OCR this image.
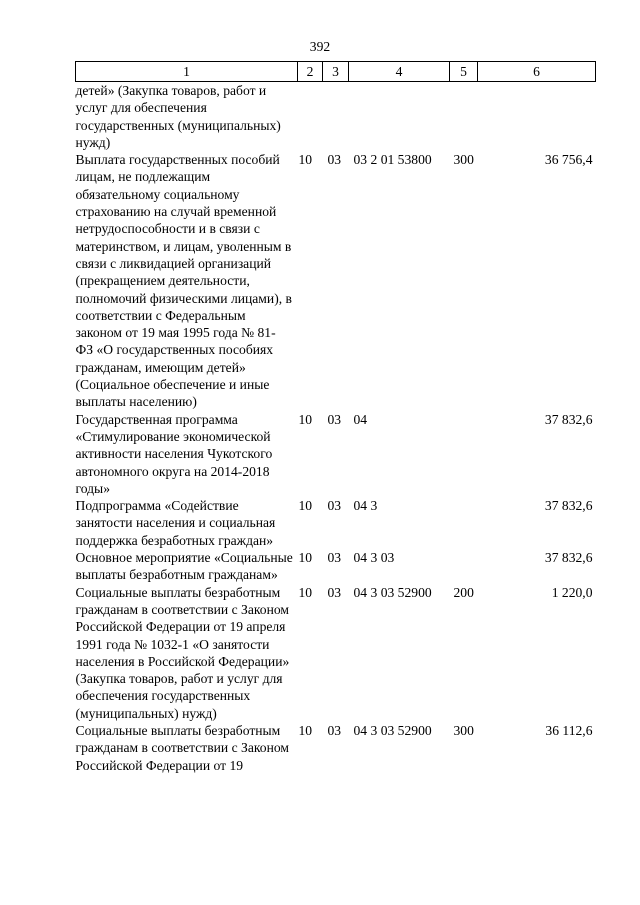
392
1	2	3	4	5	6
детей» (Закупка товаров, работ и услуг для обеспечения государственных (муниципальных) нужд)					
Выплата государственных пособий лицам, не подлежащим обязательному социальному страхованию на случай временной нетрудоспособности и в связи с материнством, и лицам, уволенным в связи с ликвидацией организаций (прекращением деятельности, полномочий физическими лицами), в соответствии с Федеральным законом от 19 мая 1995 года № 81- ФЗ «О государственных пособиях гражданам, имеющим детей» (Социальное обеспечение и иные выплаты населению)	10	03	03 2 01 53800	300	36 756,4
Государственная программа «Стимулирование экономической активности населения Чукотского автономного округа на 2014-2018 годы»	10	03	04		37 832,6
Подпрограмма «Содействие занятости населения и социальная поддержка безработных граждан»	10	03	04 3		37 832,6
Основное мероприятие «Социальные выплаты безработным гражданам»	10	03	04 3 03		37 832,6
Социальные выплаты безработным гражданам в соответствии с Законом Российской Федерации от 19 апреля 1991 года № 1032-1 «О занятости населения в Российской Федерации» (Закупка товаров, работ и услуг для обеспечения государственных (муниципальных) нужд)	10	03	04 3 03 52900	200	1 220,0
Социальные выплаты безработным гражданам в соответствии с Законом Российской Федерации от 19	10	03	04 3 03 52900	300	36 112,6
